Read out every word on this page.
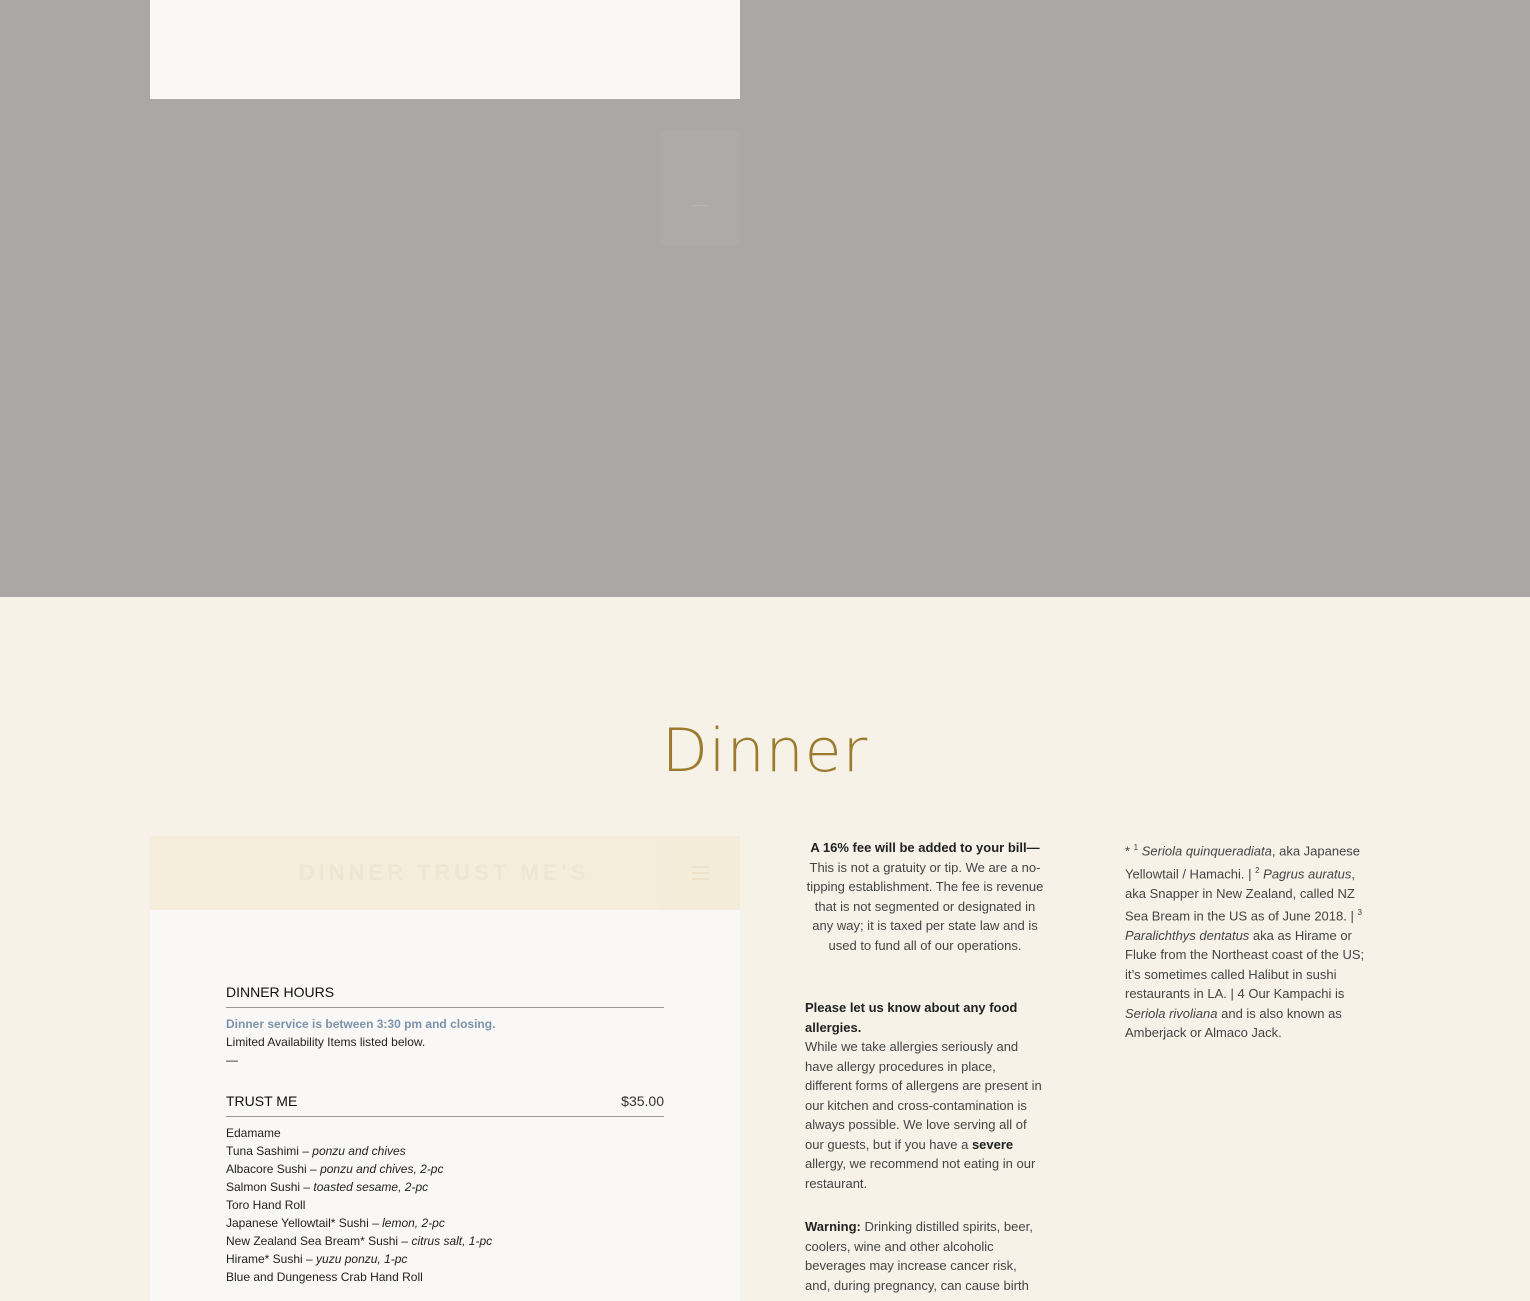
Dinner
DINNER TRUST ME'S
DINNER HOURS
Dinner service is between 3:30 pm and closing.
Limited Availability Items listed below.
—
TRUST ME	$35.00
Edamame
Tuna Sashimi – ponzu and chives
Albacore Sushi – ponzu and chives, 2-pc
Salmon Sushi – toasted sesame, 2-pc
Toro Hand Roll
Japanese Yellowtail* Sushi – lemon, 2-pc
New Zealand Sea Bream* Sushi – citrus salt, 1-pc
Hirame* Sushi – yuzu ponzu, 1-pc
Blue and Dungeness Crab Hand Roll
A 16% fee will be added to your bill—
This is not a gratuity or tip. We are a no-tipping establishment. The fee is revenue that is not segmented or designated in any way; it is taxed per state law and is used to fund all of our operations.
Please let us know about any food allergies.
While we take allergies seriously and have allergy procedures in place, different forms of allergens are present in our kitchen and cross-contamination is always possible. We love serving all of our guests, but if you have a severe allergy, we recommend not eating in our restaurant.
Warning: Drinking distilled spirits, beer, coolers, wine and other alcoholic beverages may increase cancer risk, and, during pregnancy, can cause birth
* $^1$ Seriola quinqueradiata, aka Japanese Yellowtail / Hamachi. | $^2$ Pagrus auratus, aka Snapper in New Zealand, called NZ Sea Bream in the US as of June 2018. | $^3$ Paralichthys dentatus aka as Hirame or Fluke from the Northeast coast of the US; it’s sometimes called Halibut in sushi restaurants in LA. | 4 Our Kampachi is Seriola rivoliana and is also known as Amberjack or Almaco Jack.
